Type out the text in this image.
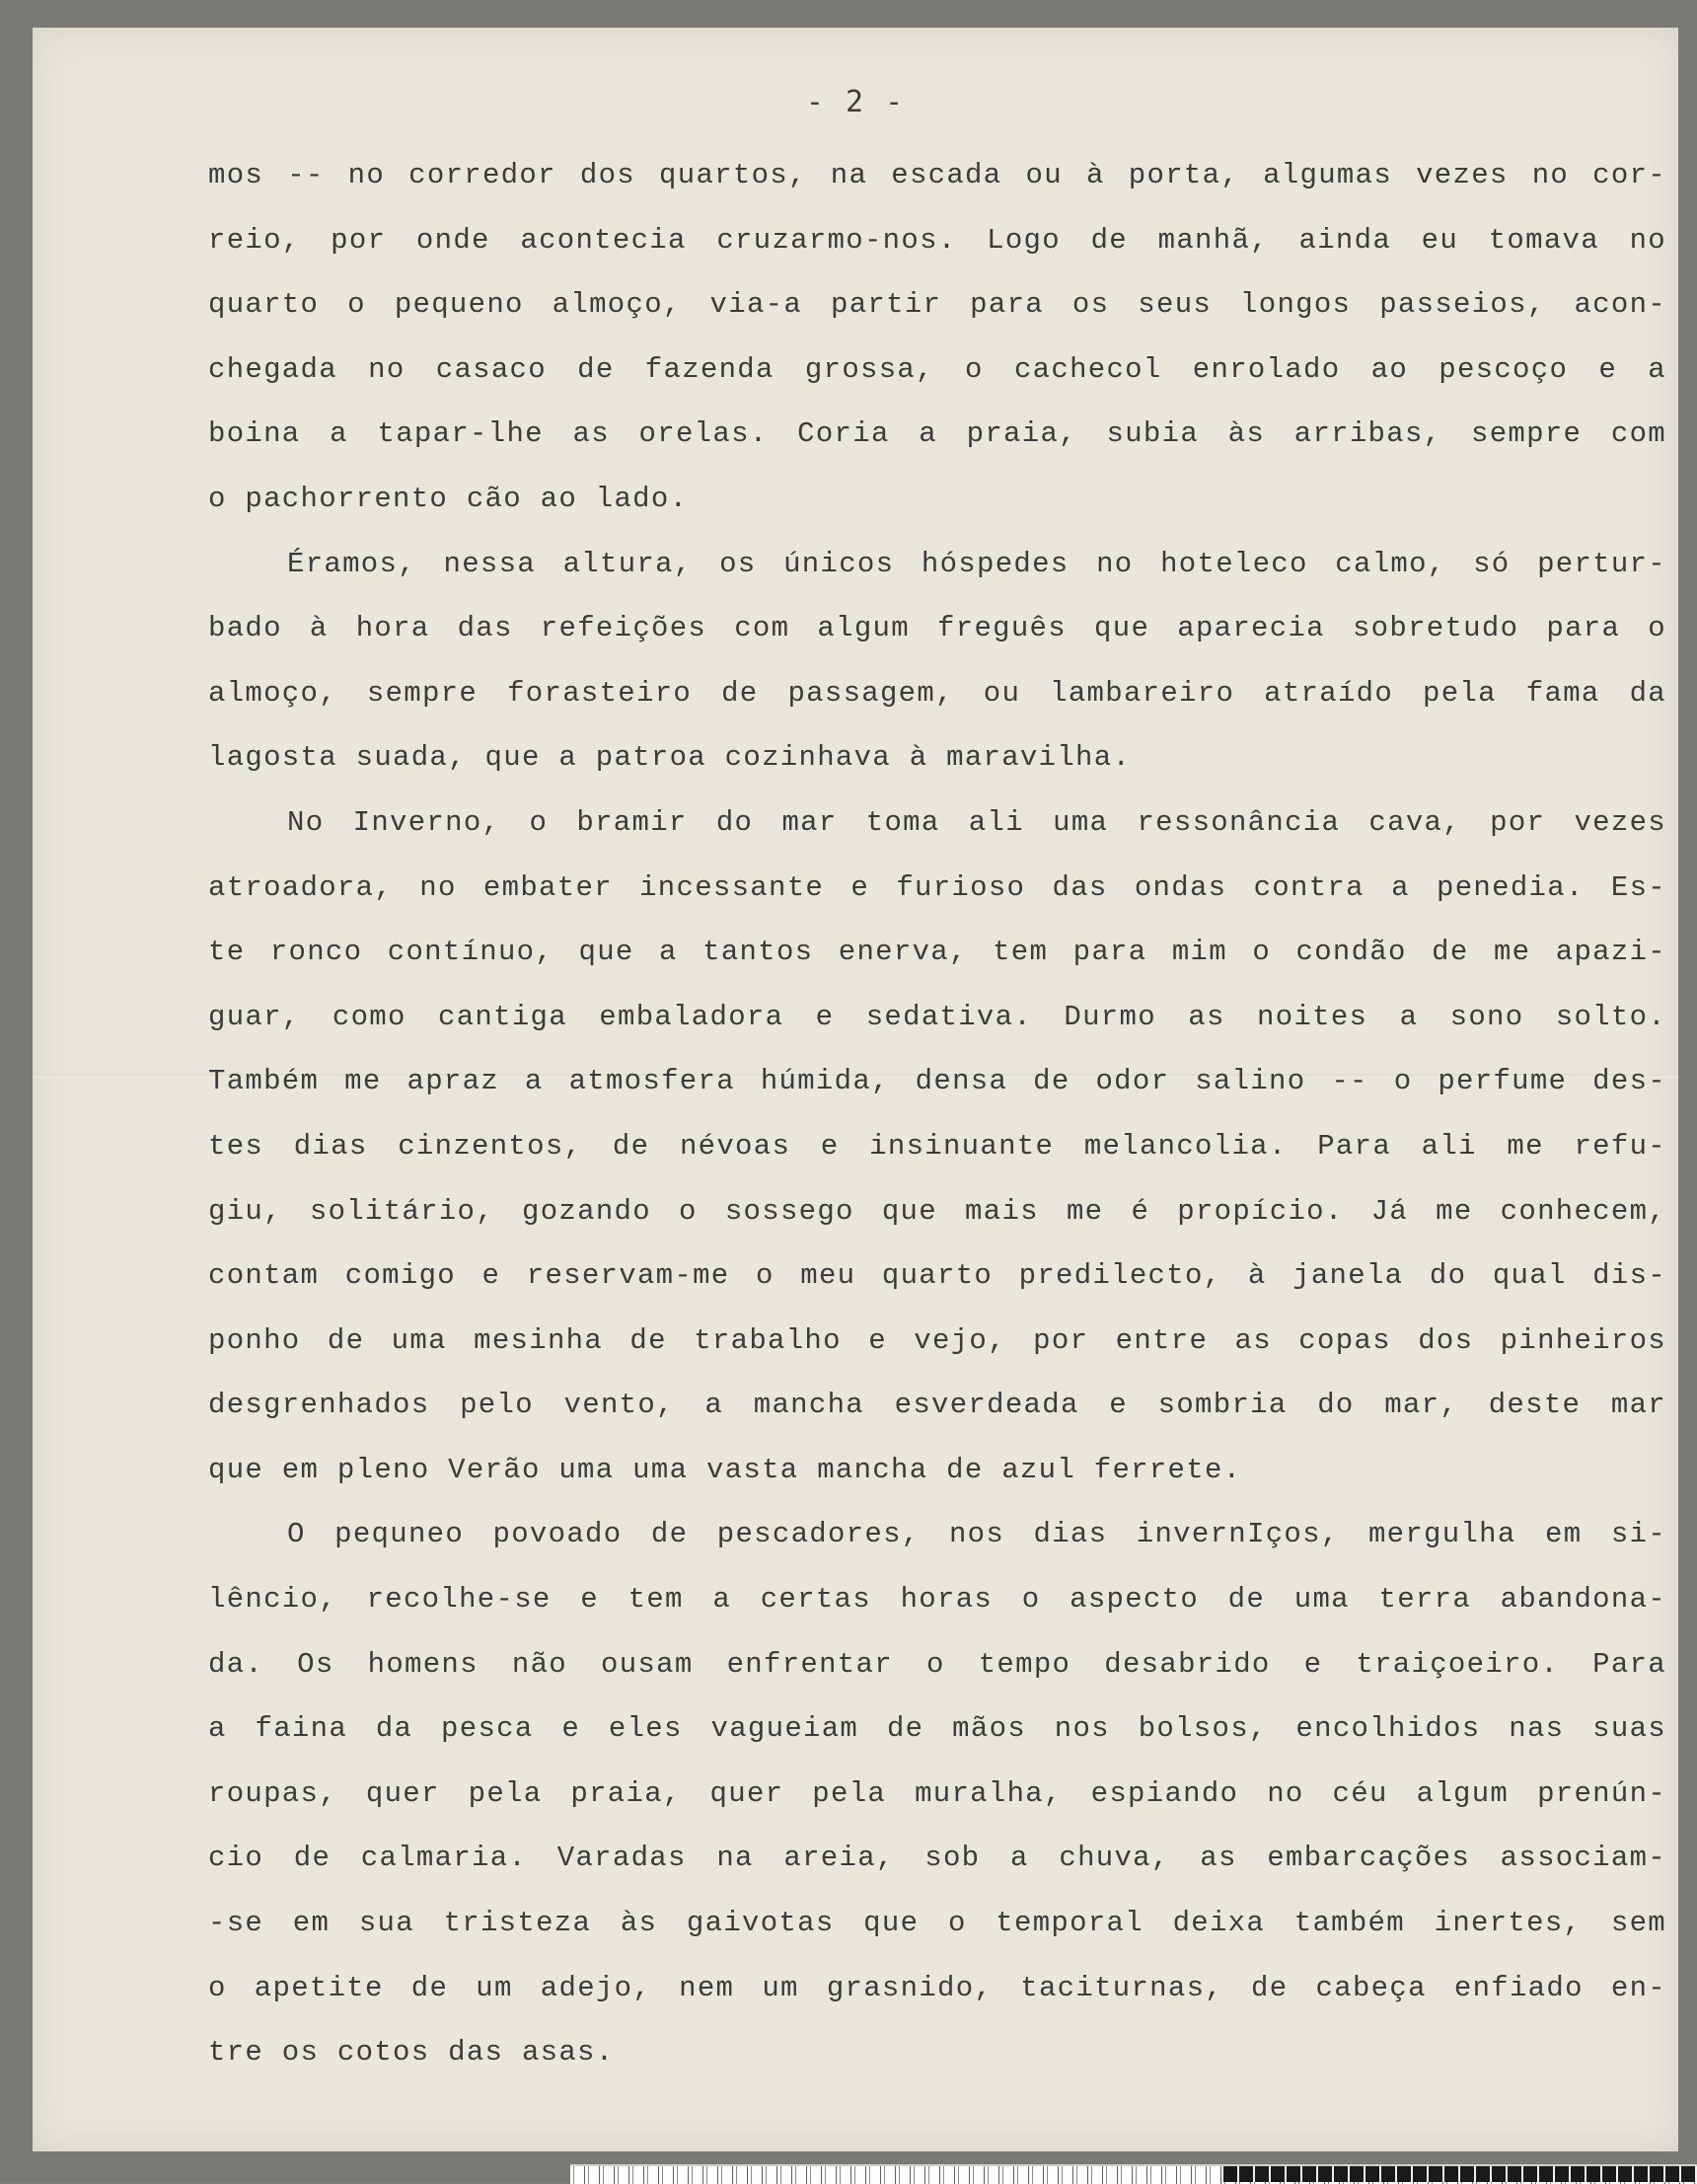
- 2 -
mos -- no corredor dos quartos, na escada ou à porta, algumas vezes no cor-
reio, por onde acontecia cruzarmo-nos. Logo de manhã, ainda eu tomava no
quarto o pequeno almoço, via-a partir para os seus longos passeios, acon-
chegada no casaco de fazenda grossa, o cachecol enrolado ao pescoço e a
boina a tapar-lhe as orelas. Coria a praia, subia às arribas, sempre com
o pachorrento cão ao lado.
Éramos, nessa altura, os únicos hóspedes no hoteleco calmo, só pertur-
bado à hora das refeições com algum freguês que aparecia sobretudo para o
almoço, sempre forasteiro de passagem, ou lambareiro atraído pela fama da
lagosta suada, que a patroa cozinhava à maravilha.
No Inverno, o bramir do mar toma ali uma ressonância cava, por vezes
atroadora, no embater incessante e furioso das ondas contra a penedia. Es-
te ronco contínuo, que a tantos enerva, tem para mim o condão de me apazi-
guar, como cantiga embaladora e sedativa. Durmo as noites a sono solto.
Também me apraz a atmosfera húmida, densa de odor salino -- o perfume des-
tes dias cinzentos, de névoas e insinuante melancolia. Para ali me refu-
giu, solitário, gozando o sossego que mais me é propício. Já me conhecem,
contam comigo e reservam-me o meu quarto predilecto, à janela do qual dis-
ponho de uma mesinha de trabalho e vejo, por entre as copas dos pinheiros
desgrenhados pelo vento, a mancha esverdeada e sombria do mar, deste mar
que em pleno Verão uma uma vasta mancha de azul ferrete.
O pequneo povoado de pescadores, nos dias invernIços, mergulha em si-
lêncio, recolhe-se e tem a certas horas o aspecto de uma terra abandona-
da. Os homens não ousam enfrentar o tempo desabrido e traiçoeiro. Para
a faina da pesca e eles vagueiam de mãos nos bolsos, encolhidos nas suas
roupas, quer pela praia, quer pela muralha, espiando no céu algum prenún-
cio de calmaria. Varadas na areia, sob a chuva, as embarcações associam-
-se em sua tristeza às gaivotas que o temporal deixa também inertes, sem
o apetite de um adejo, nem um grasnido, taciturnas, de cabeça enfiado en-
tre os cotos das asas.
